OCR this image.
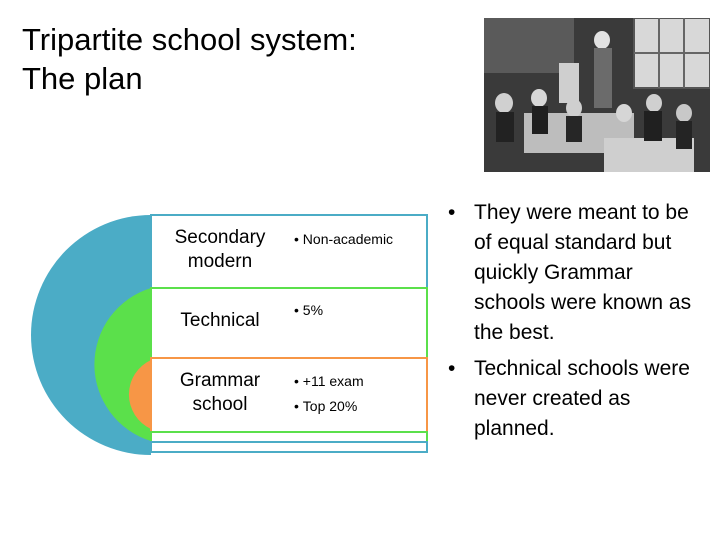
Tripartite school system:
The plan
Secondary modern
• Non-academic
Technical
•	5%
Grammar school
• +11 exam
• Top 20%
• They were meant to be of equal standard but quickly Grammar schools were known as the best.
• Technical schools were never created as planned.
